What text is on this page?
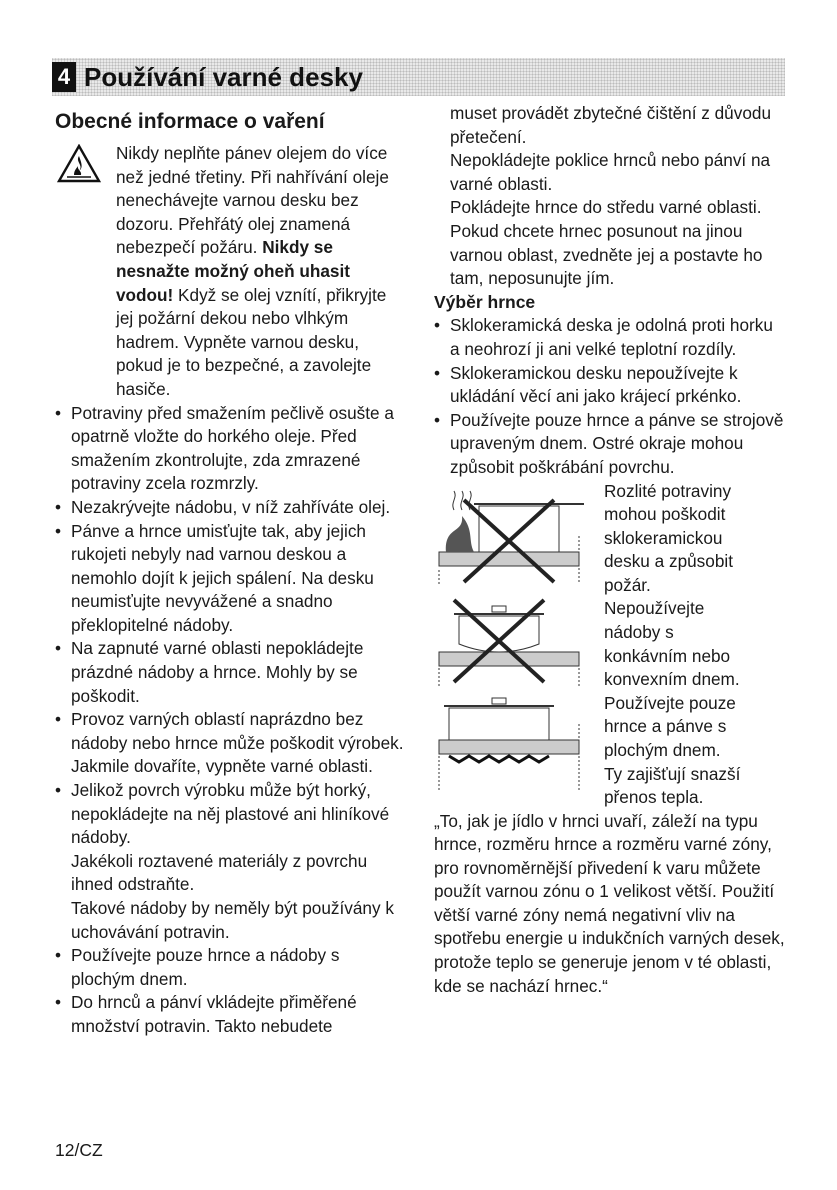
4 Používání varné desky
Obecné informace o vaření

Nikdy neplňte pánev olejem do více než jedné třetiny. Při nahřívání oleje nenechávejte varnou desku bez dozoru. Přehřátý olej znamená nebezpečí požáru. Nikdy se nesnažte možný oheň uhasit vodou! Když se olej vznítí, přikryjte jej požární dekou nebo vlhkým hadrem. Vypněte varnou desku, pokud je to bezpečné, a zavolejte hasiče.

• Potraviny před smažením pečlivě osušte a opatrně vložte do horkého oleje. Před smažením zkontrolujte, zda zmrazené potraviny zcela rozmrzly.
• Nezakrývejte nádobu, v níž zahříváte olej.
• Pánve a hrnce umisťujte tak, aby jejich rukojeti nebyly nad varnou deskou a nemohlo dojít k jejich spálení. Na desku neumisťujte nevyvážené a snadno překlopitelné nádoby.
• Na zapnuté varné oblasti nepokládejte prázdné nádoby a hrnce. Mohly by se poškodit.
• Provoz varných oblastí naprázdno bez nádoby nebo hrnce může poškodit výrobek. Jakmile dovaříte, vypněte varné oblasti.
• Jelikož povrch výrobku může být horký, nepokládejte na něj plastové ani hliníkové nádoby.

Jakékoli roztavené materiály z povrchu ihned odstraňte.

Takové nádoby by neměly být používány k uchovávání potravin.

• Používejte pouze hrnce a nádoby s plochým dnem.
• Do hrnců a pánví vkládejte přiměřené množství potravin. Takto nebudete

muset provádět zbytečné čištění z důvodu přetečení.

Nepokládejte poklice hrnců nebo pánví na varné oblasti.

Pokládejte hrnce do středu varné oblasti. Pokud chcete hrnec posunout na jinou varnou oblast, zvedněte jej a postavte ho tam, neposunujte jím.

Výběr hrnce
• Sklokeramická deska je odolná proti horku a neohrozí ji ani velké teplotní rozdíly.
• Sklokeramickou desku nepoužívejte k ukládání věcí ani jako krájecí prkénko.
• Používejte pouze hrnce a pánve se strojově upraveným dnem. Ostré okraje mohou způsobit poškrábání povrchu.
Rozlité potraviny
mohou poškodit
sklokeramickou
desku a způsobit
požár.
Nepoužívejte
nádoby s
konkávním nebo
konvexním dnem.
Používejte pouze
hrnce a pánve s
plochým dnem.
Ty zajišťují snazší
přenos tepla.

„To, jak je jídlo v hrnci uvaří, záleží na typu hrnce, rozměru hrnce a rozměru varné zóny, pro rovnoměrnější přivedení k varu můžete použít varnou zónu o 1 velikost větší. Použití větší varné zóny nemá negativní vliv na spotřebu energie u indukčních varných desek, protože teplo se generuje jenom v té oblasti, kde se nachází hrnec.“

12/CZ
